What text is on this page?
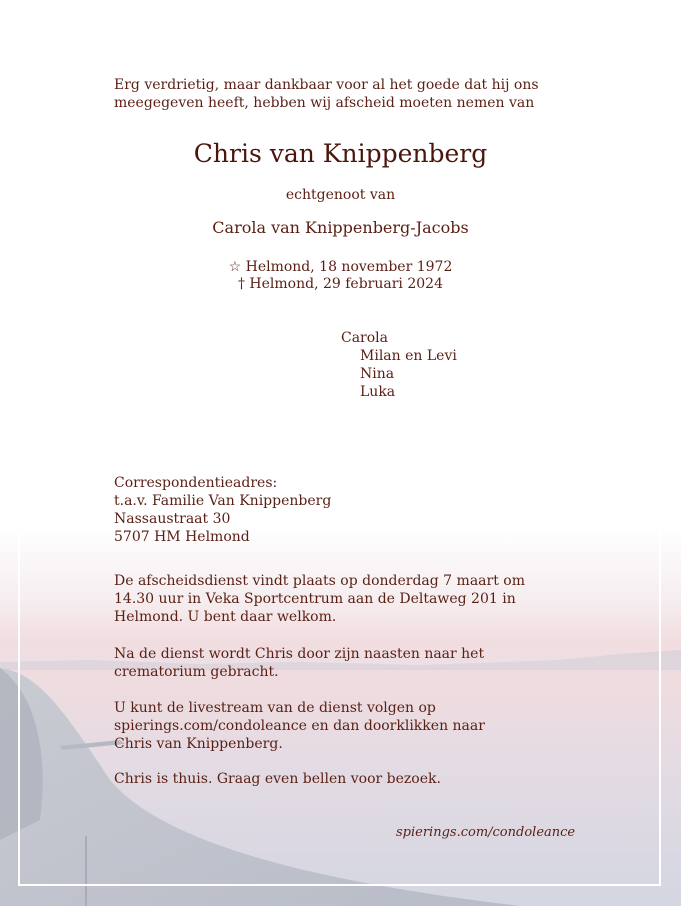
Erg verdrietig, maar dankbaar voor al het goede dat hij ons meegegeven heeft, hebben wij afscheid moeten nemen van
Chris van Knippenberg
echtgenoot van
Carola van Knippenberg-Jacobs
☆ Helmond, 18 november 1972
† Helmond, 29 februari 2024
Carola
Milan en Levi
Nina
Luka
Correspondentieadres:
t.a.v. Familie Van Knippenberg
Nassaustraat 30
5707 HM Helmond
De afscheidsdienst vindt plaats op donderdag 7 maart om 14.30 uur in Veka Sportcentrum aan de Deltaweg 201 in Helmond. U bent daar welkom.
Na de dienst wordt Chris door zijn naasten naar het crematorium gebracht.
U kunt de livestream van de dienst volgen op spierings.com/condoleance en dan doorklikken naar Chris van Knippenberg.
Chris is thuis. Graag even bellen voor bezoek.
spierings.com/condoleance
